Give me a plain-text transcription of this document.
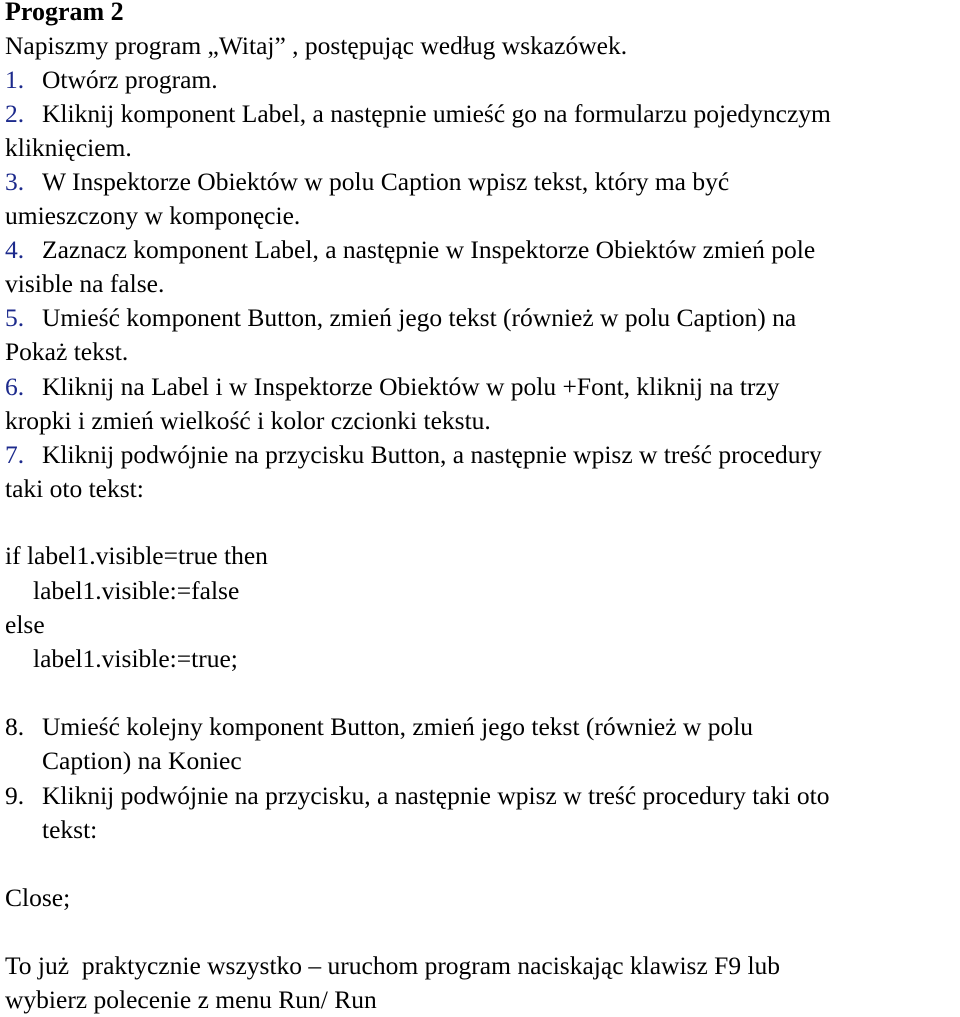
Program 2

Napiszmy program „Witaj” , postępując według wskazówek.

1. Otwórz program.

2. Kliknij komponent Label, a następnie umieść go na formularzu pojedynczym

kliknięciem.

3. W Inspektorze Obiektów w polu Caption wpisz tekst, który ma być

umieszczony w komponęcie.

4. Zaznacz komponent Label, a następnie w Inspektorze Obiektów zmień pole

visible na false.

5. Umieść komponent Button, zmień jego tekst (również w polu Caption) na

Pokaż tekst.

6. Kliknij na Label i w Inspektorze Obiektów w polu +Font, kliknij na trzy

kropki i zmień wielkość i kolor czcionki tekstu.

7. Kliknij podwójnie na przycisku Button, a następnie wpisz w treść procedury

taki oto tekst:

if label1.visible=true then

label1.visible:=false

else

label1.visible:=true;

8. Umieść kolejny komponent Button, zmień jego tekst (również w polu

Caption) na Koniec

9. Kliknij podwójnie na przycisku, a następnie wpisz w treść procedury taki oto

tekst:

Close;

To już  praktycznie wszystko – uruchom program naciskając klawisz F9 lub

wybierz polecenie z menu Run/ Run
